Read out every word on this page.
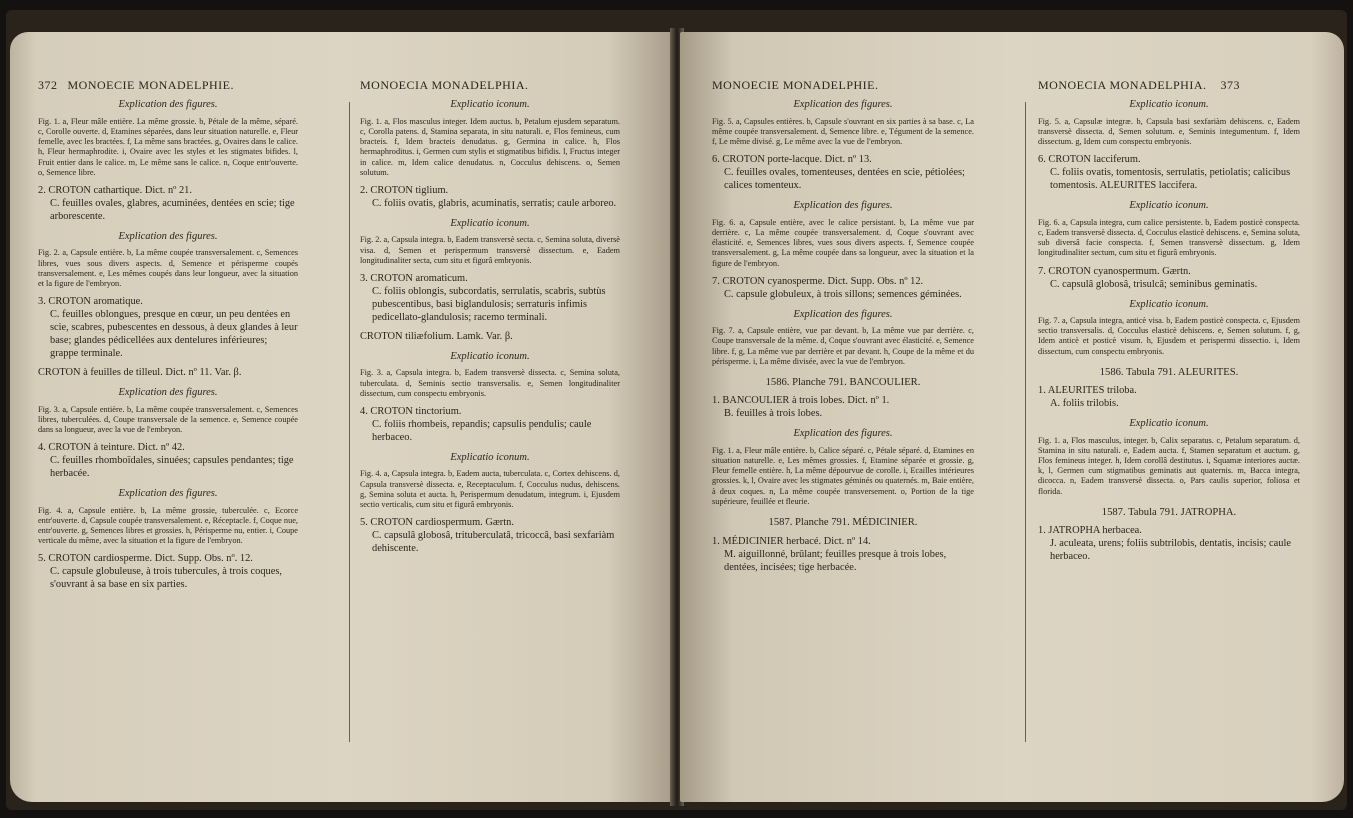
372 MONOECIE MONADELPHIE.
Explication des figures.
Fig. 1. a, Fleur mâle entière. La même grossie. b, Pétale de la même, séparé. c, Corolle ouverte. d, Etamines séparées, dans leur situation naturelle. e, Fleur femelle, avec les bractées. f, La même sans bractées. g, Ovaires dans le calice. h, Fleur hermaphrodite. i, Ovaire avec les styles et les stigmates bifides. l, Fruit entier dans le calice. m, Le même sans le calice. n, Coque entr'ouverte. o, Semence libre.
2. CROTON cathartique. Dict. nº 21.
C. feuilles ovales, glabres, acuminées, dentées en scie; tige arborescente.
Explication des figures.
Fig. 2. a, Capsule entière. b, La même coupée transversalement. c, Semences libres, vues sous divers aspects. d, Semence et périsperme coupés transversalement. e, Les mêmes coupés dans leur longueur, avec la situation et la figure de l'embryon.
3. CROTON aromatique.
C. feuilles oblongues, presque en cœur, un peu dentées en scie, scabres, pubescentes en dessous, à deux glandes à leur base; glandes pédicellées aux dentelures inférieures; grappe terminale.
CROTON à feuilles de tilleul. Dict. nº 11. Var. β.
Explication des figures.
Fig. 3. a, Capsule entière. b, La même coupée transversalement. c, Semences libres, tuberculées. d, Coupe transversale de la semence. e, Semence coupée dans sa longueur, avec la vue de l'embryon.
4. CROTON à teinture. Dict. nº 42.
C. feuilles rhomboïdales, sinuées; capsules pendantes; tige herbacée.
Explication des figures.
Fig. 4. a, Capsule entière. b, La même grossie, tuberculée. c, Ecorce entr'ouverte. d, Capsule coupée transversalement. e, Réceptacle. f, Coque nue, entr'ouverte. g, Semences libres et grossies. h, Périsperme nu, entier. i, Coupe verticale du même, avec la situation et la figure de l'embryon.
5. CROTON cardiosperme. Dict. Supp. Obs. nº. 12.
C. capsule globuleuse, à trois tubercules, à trois coques, s'ouvrant à sa base en six parties.
MONOECIA MONADELPHIA.
Explicatio iconum.
Fig. 1. a, Flos masculus integer. Idem auctus. b, Petalum ejusdem separatum. c, Corolla patens. d, Stamina separata, in situ naturali. e, Flos femineus, cum bracteis. f, Idem bracteis denudatus. g, Germina in calice. h, Flos hermaphroditus. i, Germen cum stylis et stigmatibus bifidis. l, Fructus integer in calice. m, Idem calice denudatus. n, Cocculus dehiscens. o, Semen solutum.
2. CROTON tiglium.
C. foliis ovatis, glabris, acuminatis, serratis; caule arboreo.
Explicatio iconum.
Fig. 2. a, Capsula integra. b, Eadem transversè secta. c, Semina soluta, diversè visa. d, Semen et perispermum transversè dissectum. e, Eadem longitudinaliter secta, cum situ et figurâ embryonis.
3. CROTON aromaticum.
C. foliis oblongis, subcordatis, serrulatis, scabris, subtùs pubescentibus, basi biglandulosis; serraturis infimis pedicellato-glandulosis; racemo terminali.
CROTON tiliæfolium. Lamk. Var. β.
Explicatio iconum.
Fig. 3. a, Capsula integra. b, Eadem transversè dissecta. c, Semina soluta, tuberculata. d, Seminis sectio transversalis. e, Semen longitudinaliter dissectum, cum conspectu embryonis.
4. CROTON tinctorium.
C. foliis rhombeis, repandis; capsulis pendulis; caule herbaceo.
Explicatio iconum.
Fig. 4. a, Capsula integra. b, Eadem aucta, tuberculata. c, Cortex dehiscens. d, Capsula transversè dissecta. e, Receptaculum. f, Cocculus nudus, dehiscens. g, Semina soluta et aucta. h, Perispermum denudatum, integrum. i, Ejusdem sectio verticalis, cum situ et figurâ embryonis.
5. CROTON cardiospermum. Gærtn.
C. capsulâ globosâ, trituberculatâ, tricoccâ, basi sexfariàm dehiscente.
MONOECIE MONADELPHIE.
Explication des figures.
Fig. 5. a, Capsules entières. b, Capsule s'ouvrant en six parties à sa base. c, La même coupée transversalement. d, Semence libre. e, Tégument de la semence. f, Le même divisé. g, Le même avec la vue de l'embryon.
6. CROTON porte-lacque. Dict. nº 13.
C. feuilles ovales, tomenteuses, dentées en scie, pétiolées; calices tomenteux.
Explication des figures.
Fig. 6. a, Capsule entière, avec le calice persistant. b, La même vue par derrière. c, La même coupée transversalement. d, Coque s'ouvrant avec élasticité. e, Semences libres, vues sous divers aspects. f, Semence coupée transversalement. g, La même coupée dans sa longueur, avec la situation et la figure de l'embryon.
7. CROTON cyanosperme. Dict. Supp. Obs. nº 12.
C. capsule globuleux, à trois sillons; semences géminées.
Explication des figures.
Fig. 7. a, Capsule entière, vue par devant. b, La même vue par derrière. c, Coupe transversale de la même. d, Coque s'ouvrant avec élasticité. e, Semence libre. f, g, La même vue par derrière et par devant. h, Coupe de la même et du périsperme. i, La même divisée, avec la vue de l'embryon.
1586. Planche 791. BANCOULIER.
1. BANCOULIER à trois lobes. Dict. nº 1.
B. feuilles à trois lobes.
Explication des figures.
Fig. 1. a, Fleur mâle entière. b, Calice séparé. c, Pétale séparé. d, Etamines en situation naturelle. e, Les mêmes grossies. f, Etamine séparée et grossie. g, Fleur femelle entière. h, La même dépourvue de corolle. i, Ecailles intérieures grossies. k, l, Ovaire avec les stigmates géminés ou quaternés. m, Baie entière, à deux coques. n, La même coupée transversement. o, Portion de la tige supérieure, feuillée et fleurie.
1587. Planche 791. MÉDICINIER.
1. MÉDICINIER herbacé. Dict. nº 14.
M. aiguillonné, brûlant; feuilles presque à trois lobes, dentées, incisées; tige herbacée.
MONOECIA MONADELPHIA. 373
Explicatio iconum.
Fig. 5. a, Capsulæ integræ. b, Capsula basi sexfariàm dehiscens. c, Eadem transversè dissecta. d, Semen solutum. e, Seminis integumentum. f, Idem dissectum. g, Idem cum conspectu embryonis.
6. CROTON lacciferum.
C. foliis ovatis, tomentosis, serrulatis, petiolatis; calicibus tomentosis. ALEURITES laccifera.
Explicatio iconum.
Fig. 6. a, Capsula integra, cum calice persistente. b, Eadem posticè conspecta. c, Eadem transversè dissecta. d, Cocculus elasticè dehiscens. e, Semina soluta, sub diversâ facie conspecta. f, Semen transversè dissectum. g, Idem longitudinaliter sectum, cum situ et figurâ embryonis.
7. CROTON cyanospermum. Gærtn.
C. capsulâ globosâ, trisulcâ; seminibus geminatis.
Explicatio iconum.
Fig. 7. a, Capsula integra, anticè visa. b, Eadem posticè conspecta. c, Ejusdem sectio transversalis. d, Cocculus elasticè dehiscens. e, Semen solutum. f, g, Idem anticè et posticè visum. h, Ejusdem et perispermi dissectio. i, Idem dissectum, cum conspectu embryonis.
1586. Tabula 791. ALEURITES.
1. ALEURITES triloba.
A. foliis trilobis.
Explicatio iconum.
Fig. 1. a, Flos masculus, integer. b, Calix separatus. c, Petalum separatum. d, Stamina in situ naturali. e, Eadem aucta. f, Stamen separatum et auctum. g, Flos femineus integer. h, Idem corollâ destitutus. i, Squamæ interiores auctæ. k, l, Germen cum stigmatibus geminatis aut quaternis. m, Bacca integra, dicocca. n, Eadem transversè dissecta. o, Pars caulis superior, foliosa et florida.
1587. Tabula 791. JATROPHA.
1. JATROPHA herbacea.
J. aculeata, urens; foliis subtrilobis, dentatis, incisis; caule herbaceo.
